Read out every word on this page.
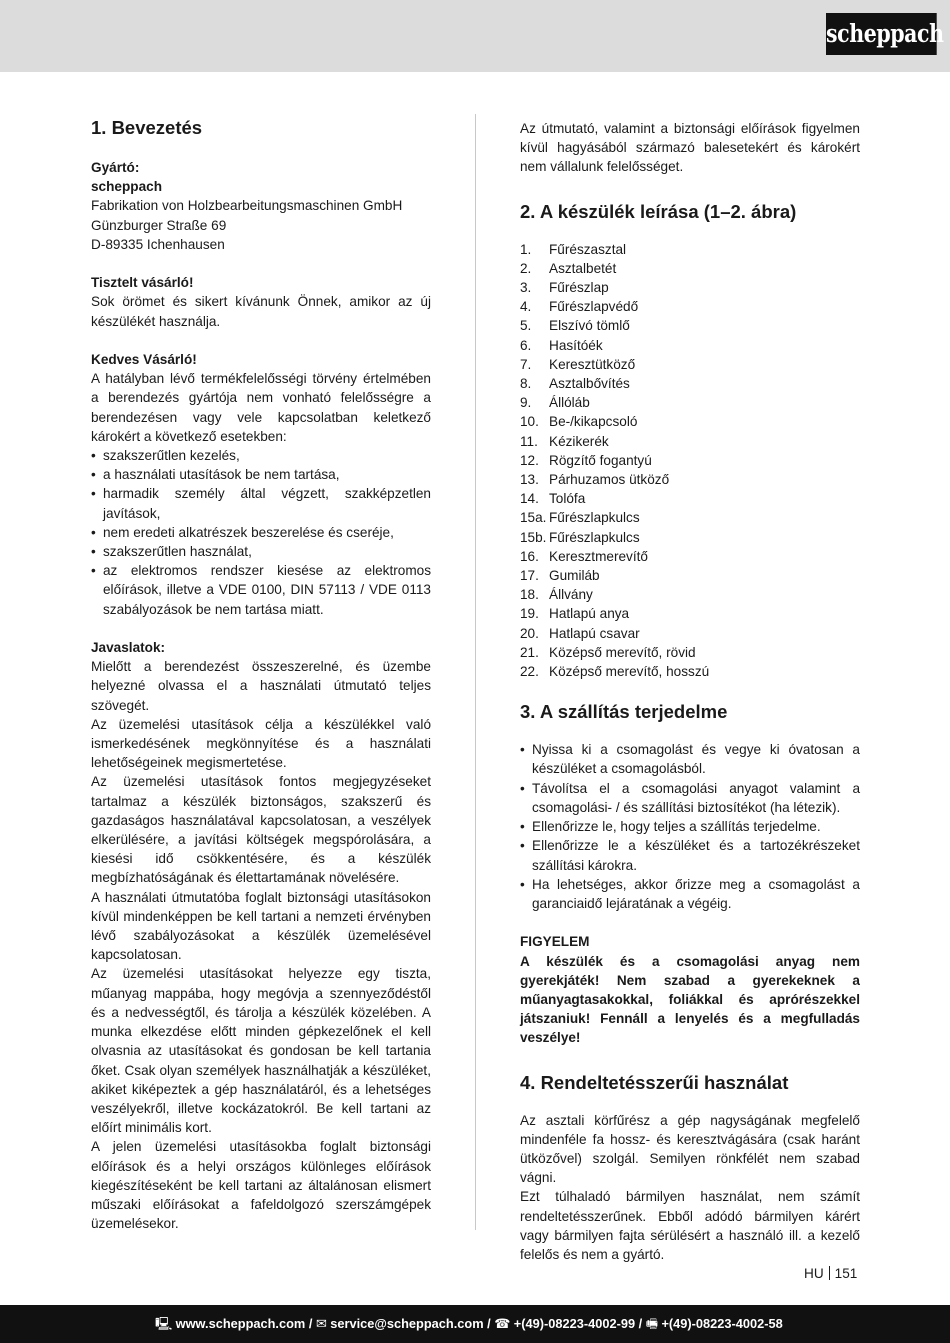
scheppach
1. Bevezetés
Gyártó:
scheppach
Fabrikation von Holzbearbeitungsmaschinen GmbH
Günzburger Straße 69
D-89335 Ichenhausen
Tisztelt vásárló!
Sok örömet és sikert kívánunk Önnek, amikor az új készülékét használja.
Kedves Vásárló!
A hatályban lévő termékfelelősségi törvény értelmében a berendezés gyártója nem vonható felelősségre a berendezésen vagy vele kapcsolatban keletkező károkért a következő esetekben:
• szakszerűtlen kezelés,
• a használati utasítások be nem tartása,
• harmadik személy által végzett, szakképzetlen javítások,
• nem eredeti alkatrészek beszerelése és cseréje,
• szakszerűtlen használat,
• az elektromos rendszer kiesése az elektromos előírások, illetve a VDE 0100, DIN 57113 / VDE 0113 szabályozások be nem tartása miatt.
Javaslatok:
Mielőtt a berendezést összeszerelné, és üzembe helyezné olvassa el a használati útmutató teljes szövegét.
Az üzemelési utasítások célja a készülékkel való ismerkedésének megkönnyítése és a használati lehetőségeinek megismertetése.
Az üzemelési utasítások fontos megjegyzéseket tartalmaz a készülék biztonságos, szakszerű és gazdaságos használatával kapcsolatosan, a veszélyek elkerülésére, a javítási költségek megspórolására, a kiesési idő csökkentésére, és a készülék megbízhatóságának és élettartamának növelésére.
A használati útmutatóba foglalt biztonsági utasításokon kívül mindenképpen be kell tartani a nemzeti érvényben lévő szabályozásokat a készülék üzemelésével kapcsolatosan.
Az üzemelési utasításokat helyezze egy tiszta, műanyag mappába, hogy megóvja a szennyeződéstől és a nedvességtől, és tárolja a készülék közelében. A munka elkezdése előtt minden gépkezelőnek el kell olvasnia az utasításokat és gondosan be kell tartania őket. Csak olyan személyek használhatják a készüléket, akiket kiképeztek a gép használatáról, és a lehetséges veszélyekről, illetve kockázatokról. Be kell tartani az előírt minimális kort.
A jelen üzemelési utasításokba foglalt biztonsági előírások és a helyi országos különleges előírások kiegészítéseként be kell tartani az általánosan elismert műszaki előírásokat a fafeldolgozó szerszámgépek üzemelésekor.
Az útmutató, valamint a biztonsági előírások figyelmen kívül hagyásából származó balesetekért és károkért nem vállalunk felelősséget.
2. A készülék leírása (1–2. ábra)
1.	Fűrészasztal
2.	Asztalbetét
3.	Fűrészlap
4.	Fűrészlapvédő
5.	Elszívó tömlő
6.	Hasítóék
7.	Keresztütköző
8.	Asztalbővítés
9.	Állóláb
10. Be-/kikapcsoló
11. Kézikerék
12. Rögzítő fogantyú
13. Párhuzamos ütköző
14. Tolófa
15a. Fűrészlapkulcs
15b. Fűrészlapkulcs
16. Keresztmerevítő
17. Gumiláb
18. Állvány
19. Hatlapú anya
20. Hatlapú csavar
21. Középső merevítő, rövid
22. Középső merevítő, hosszú
3. A szállítás terjedelme
• Nyissa ki a csomagolást és vegye ki óvatosan a készüléket a csomagolásból.
• Távolítsa el a csomagolási anyagot valamint a csomagolási- / és szállítási biztosítékot (ha létezik).
• Ellenőrizze le, hogy teljes a szállítás terjedelme.
• Ellenőrizze le a készüléket és a tartozékrészeket szállítási károkra.
• Ha lehetséges, akkor őrizze meg a csomagolást a garanciaidő lejáratának a végéig.
FIGYELEM
A készülék és a csomagolási anyag nem gyerekjáték! Nem szabad a gyerekeknek a műanyagtasakokkal, foliákkal és aprórészekkel játszaniuk! Fennáll a lenyelés és a megfulladás veszélye!
4. Rendeltetésszerűi használat
Az asztali körfűrész a gép nagyságának megfelelő mindenféle fa hossz- és keresztvágására (csak haránt ütközővel) szolgál. Semilyen rönkfélét nem szabad vágni.
Ezt túlhaladó bármilyen használat, nem számít rendeltetésszerűnek. Ebből adódó bármilyen kárért vagy bármilyen fajta sérülésért a használó ill. a kezelő felelős és nem a gyártó.
HU 151
🖳 www.scheppach.com / ✉ service@scheppach.com / ☎ +(49)-08223-4002-99 / 🖷 +(49)-08223-4002-58
